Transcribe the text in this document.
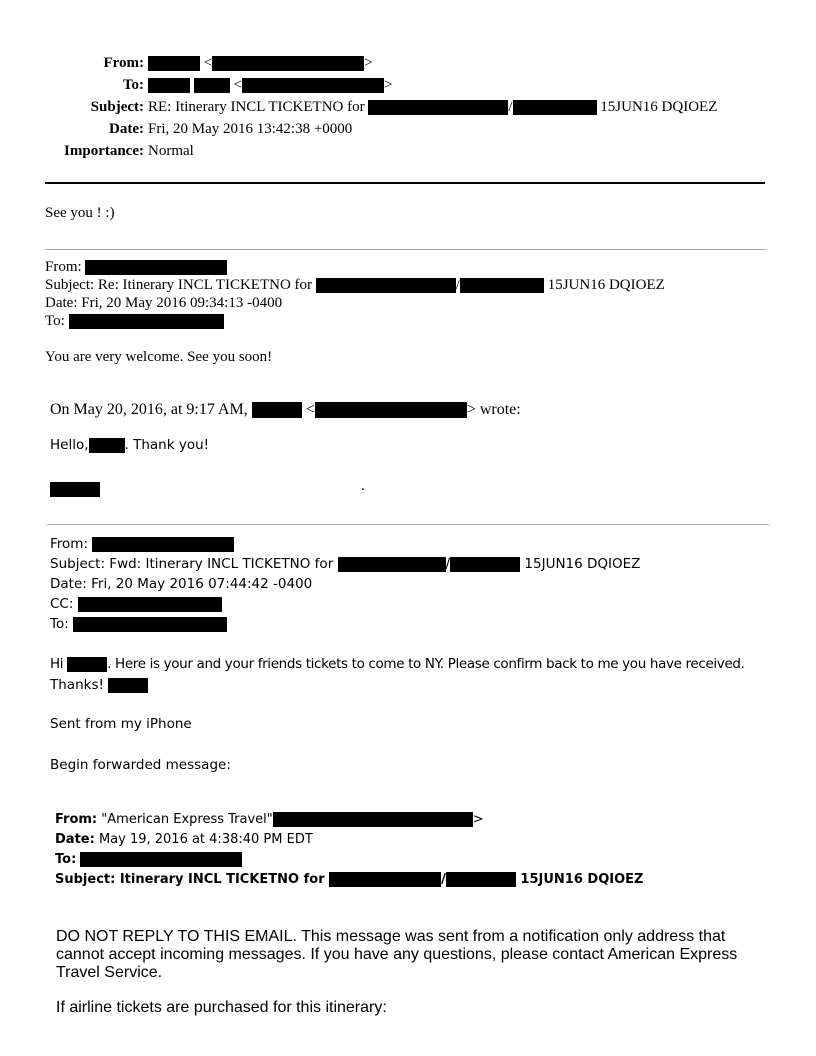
From:	<	>
To:	<	>
Subject: RE: Itinerary INCL TICKETNO for	/	15JUN16 DQIOEZ
Date: Fri, 20 May 2016 13:42:38 +0000
Importance: Normal
See you ! :)
From:
Subject: Re: Itinerary INCL TICKETNO for	/	15JUN16 DQIOEZ
Date: Fri, 20 May 2016 09:34:13 -0400
To:
You are very welcome. See you soon!
On May 20, 2016, at 9:17 AM,	<	> wrote:
Hello,	. Thank you!
.
From:
Subject: Fwd: Itinerary INCL TICKETNO for	/	15JUN16 DQIOEZ
Date: Fri, 20 May 2016 07:44:42 -0400
CC:
To:
Hi	. Here is your and your friends tickets to come to NY. Please confirm back to me you have received.
Thanks!
Sent from my iPhone
Begin forwarded message:
From: "American Express Travel"	>
Date: May 19, 2016 at 4:38:40 PM EDT
To:
Subject: Itinerary INCL TICKETNO for	/	15JUN16 DQIOEZ
DO NOT REPLY TO THIS EMAIL. This message was sent from a notification only address that cannot accept incoming messages. If you have any questions, please contact American Express Travel Service.
If airline tickets are purchased for this itinerary:
